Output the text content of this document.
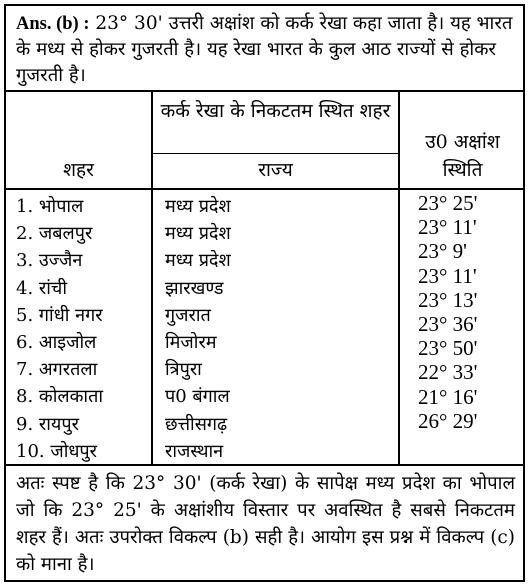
Ans. (b) : 23° 30' उत्तरी अक्षांश को कर्क रेखा कहा जाता है। यह भारत के मध्य से होकर गुजरती है। यह रेखा भारत के कुल आठ राज्यों से होकर गुजरती है।
शहर
कर्क रेखा के निकटतम स्थित शहर
राज्य
उ0 अक्षांश
स्थिति
1. भोपाल
2. जबलपुर
3. उज्जैन
4. रांची
5. गांधी नगर
6. आइजोल
7. अगरतला
8. कोलकाता
9. रायपुर
10. जोधपुर
मध्य प्रदेश
मध्य प्रदेश
मध्य प्रदेश
झारखण्ड
गुजरात
मिजोरम
त्रिपुरा
प0 बंगाल
छत्तीसगढ़
राजस्थान
23° 25'
23° 11'
23° 9'
23° 11'
23° 13'
23° 36'
23° 50'
22° 33'
21° 16'
26° 29'
अतः स्पष्ट है कि 23° 30' (कर्क रेखा) के सापेक्ष मध्य प्रदेश का भोपाल जो कि 23° 25' के अक्षांशीय विस्तार पर अवस्थित है सबसे निकटतम शहर हैं। अतः उपरोक्त विकल्प (b) सही है। आयोग इस प्रश्न में विकल्प (c) को माना है।
